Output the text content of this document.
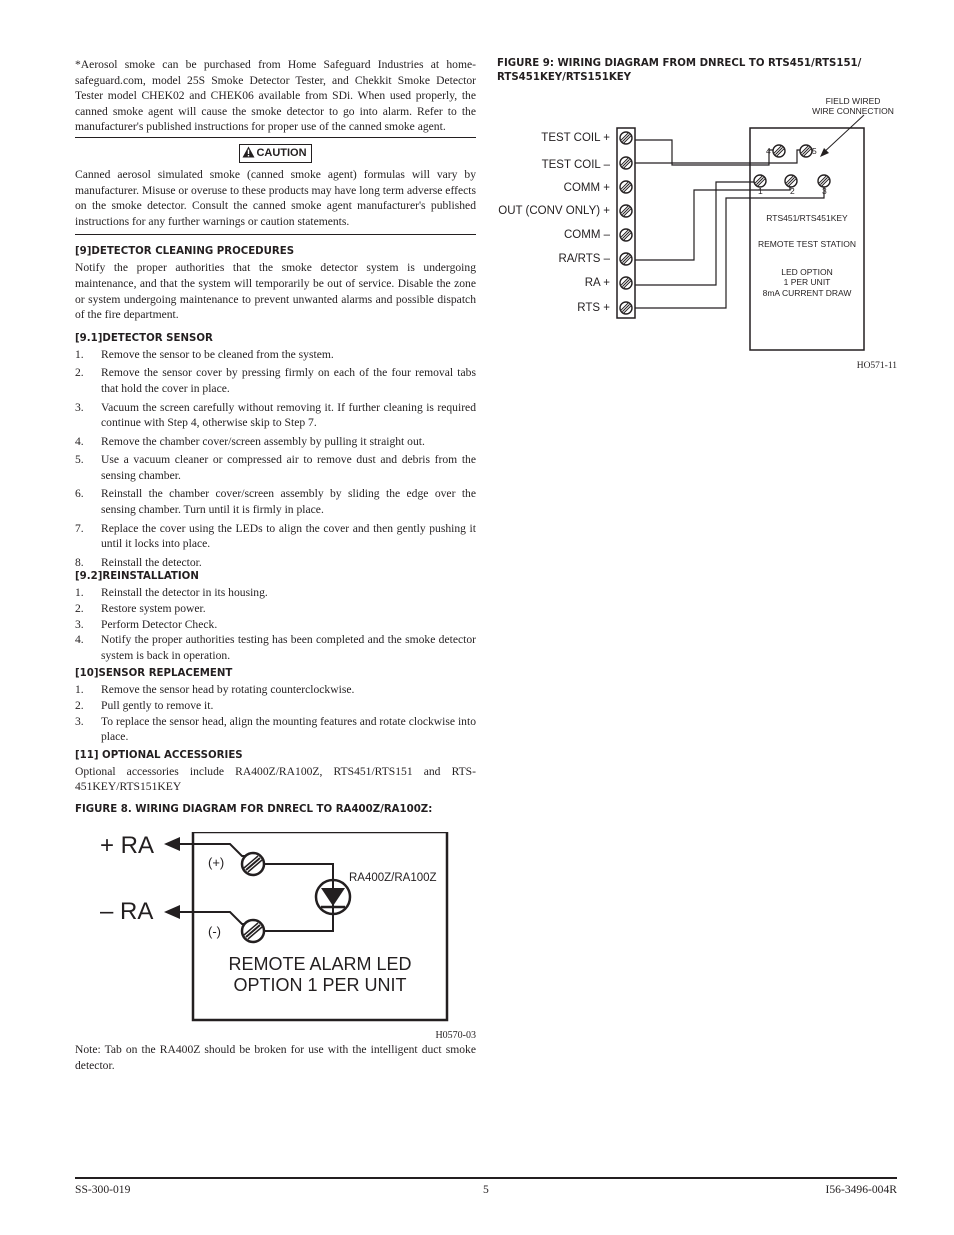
*Aerosol smoke can be purchased from Home Safeguard Industries at home-safeguard.com, model 25S Smoke Detector Tester, and Chekkit Smoke Detector Tester model CHEK02 and CHEK06 available from SDi. When used properly, the canned smoke agent will cause the smoke detector to go into alarm. Refer to the manufacturer's published instructions for proper use of the canned smoke agent.

CAUTION

Canned aerosol simulated smoke (canned smoke agent) formulas will vary by manufacturer. Misuse or overuse to these products may have long term adverse effects on the smoke detector. Consult the canned smoke agent manufacturer's published instructions for any further warnings or caution statements.

[9]DETECTOR CLEANING PROCEDURES

Notify the proper authorities that the smoke detector system is undergoing maintenance, and that the system will temporarily be out of service. Disable the zone or system undergoing maintenance to prevent unwanted alarms and possible dispatch of the fire department.

[9.1]DETECTOR SENSOR
1. Remove the sensor to be cleaned from the system.
2. Remove the sensor cover by pressing firmly on each of the four removal tabs that hold the cover in place.
3. Vacuum the screen carefully without removing it. If further cleaning is required continue with Step 4, otherwise skip to Step 7.
4. Remove the chamber cover/screen assembly by pulling it straight out.
5. Use a vacuum cleaner or compressed air to remove dust and debris from the sensing chamber.
6. Reinstall the chamber cover/screen assembly by sliding the edge over the sensing chamber. Turn until it is firmly in place.
7. Replace the cover using the LEDs to align the cover and then gently pushing it until it locks into place.
8. Reinstall the detector.
[9.2]REINSTALLATION
1. Reinstall the detector in its housing.
2. Restore system power.
3. Perform Detector Check.
4. Notify the proper authorities testing has been completed and the smoke detector system is back in operation.
[10]SENSOR REPLACEMENT
1. Remove the sensor head by rotating counterclockwise.
2. Pull gently to remove it.
3. To replace the sensor head, align the mounting features and rotate clockwise into place.
[11] OPTIONAL ACCESSORIES

Optional accessories include RA400Z/RA100Z, RTS451/RTS151 and RTS-451KEY/RTS151KEY

FIGURE 8. WIRING DIAGRAM FOR DNRECL TO RA400Z/RA100Z:
+ RA
– RA
(+)
(-)
RA400Z/RA100Z
REMOTE ALARM LED
OPTION 1 PER UNIT
H0570-03
Note: Tab on the RA400Z should be broken for use with the intelligent duct smoke detector.
FIGURE 9: WIRING DIAGRAM FROM DNRECL TO RTS451/RTS151/ RTS451KEY/RTS151KEY
TEST COIL +
TEST COIL –
COMM +
OUT (CONV ONLY) +
COMM –
RA/RTS –
RA +
RTS +
FIELD WIRED
WIRE CONNECTION
4	5
1	2	3
RTS451/RTS451KEY
REMOTE TEST STATION
LED OPTION
1 PER UNIT
8mA CURRENT DRAW
HO571-11
SS-300-019	5	I56-3496-004R
